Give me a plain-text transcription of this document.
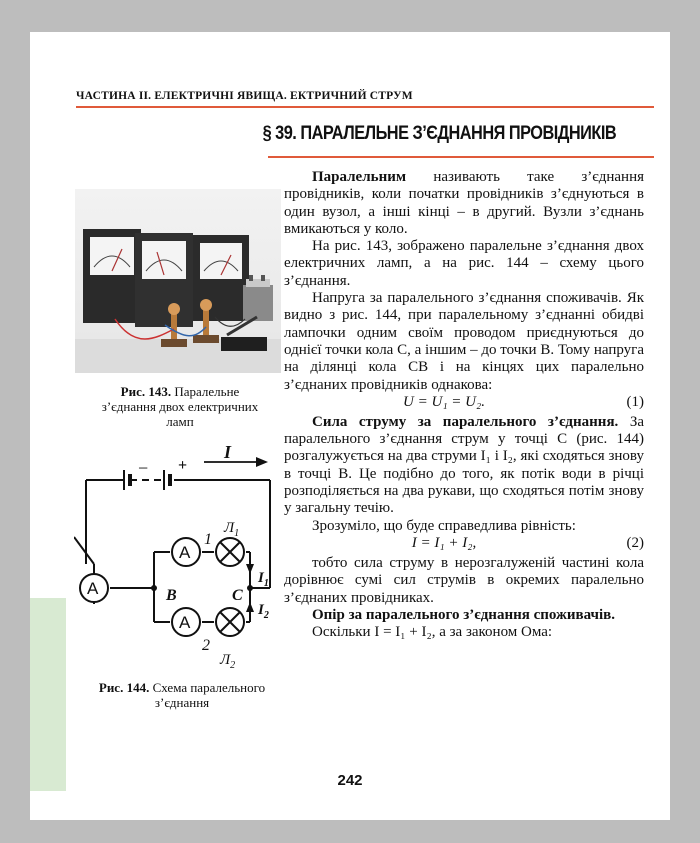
ЧАСТИНА ІІ. ЕЛЕКТРИЧНІ ЯВИЩА. ЕКТРИЧНИЙ СТРУМ
§ 39. ПАРАЛЕЛЬНЕ З’ЄДНАННЯ ПРОВІДНИКІВ
Рис. 143. Паралельне
з’єднання двох електричних
ламп
− +
I
A
A
A
B	C
1
2
$Л_1$
$Л_2$
$I_1$
$I_2$
Рис. 144. Схема паралельного
з’єднання

Паралельним називають таке з’єднання провідників, коли початки провідників з’єднуються в один вузол, а інші кінці – в другий. Вузли з’єднань вмикаються у коло.

На рис. 143, зображено паралельне з’єднання двох електричних ламп, а на рис. 144 – схему цього з’єднання.

Напруга за паралельного з’єднання споживачів. Як видно з рис. 144, при паралельному з’єднанні обидві лампочки одним своїм проводом приєднуються до однієї точки кола С, а іншим – до точки В. Тому напруга на ділянці кола СВ і на кінцях цих паралельно з’єднаних провідників однакова:

U = U₁ = U₂.	(1)

Сила струму за паралельного з’єднання. За паралельного з’єднання струм у точці С (рис. 144) розгалужується на два струми I₁ і I₂, які сходяться знову в точці В. Це подібно до того, як потік води в річці розподіляється на два рукави, що сходяться потім знову у загальну течію.

Зрозуміло, що буде справедлива рівність:

I = I₁ + I₂,	(2)

тобто сила струму в нерозгалуженій частині кола дорівнює сумі сил струмів в окремих паралельно з’єднаних провідниках.

Опір за паралельного з’єднання споживачів.

Оскільки I = I₁ + I₂, а за законом Ома:

242
